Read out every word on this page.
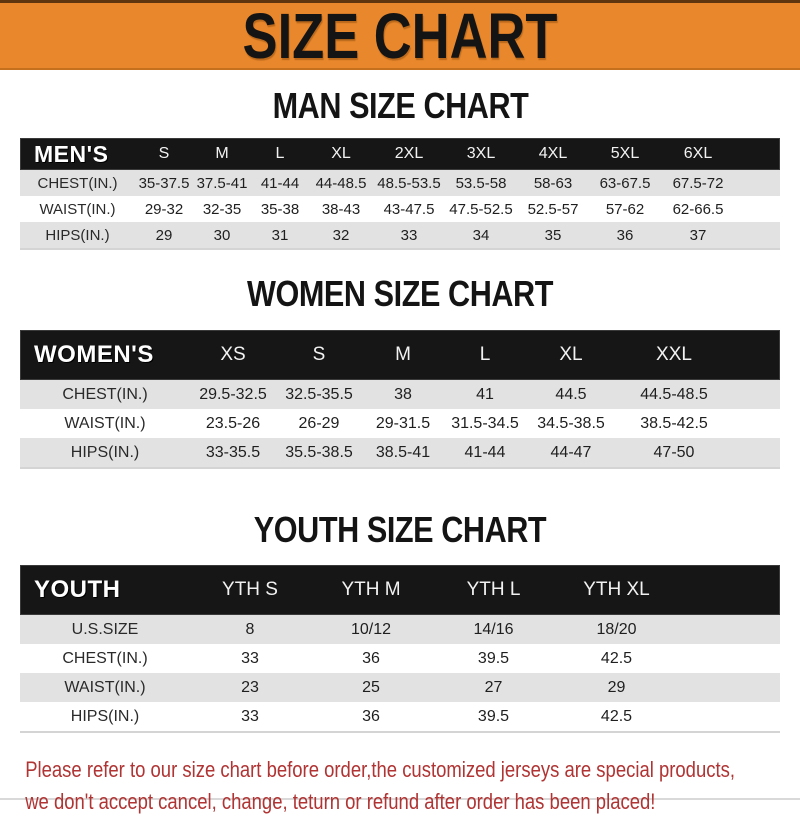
SIZE CHART
MAN SIZE CHART
MEN'S	S	M	L	XL	2XL	3XL	4XL	5XL	6XL
CHEST(IN.)	35-37.5 37.5-41 41-44	44-48.5 48.5-53.5 53.5-58	58-63	63-67.5	67.5-72
WAIST(IN.)	29-32	32-35	35-38	38-43	43-47.5 47.5-52.5 52.5-57	57-62	62-66.5
HIPS(IN.)	29	30	31	32	33	34	35	36	37
WOMEN SIZE CHART
WOMEN'S	XS	S	M	L	XL	XXL
CHEST(IN.)	29.5-32.5	32.5-35.5	38	41	44.5	44.5-48.5
WAIST(IN.)	23.5-26	26-29	29-31.5	31.5-34.5	34.5-38.5	38.5-42.5
HIPS(IN.)	33-35.5	35.5-38.5	38.5-41	41-44	44-47	47-50
YOUTH SIZE CHART
YOUTH	YTH S	YTH M	YTH L	YTH XL
U.S.SIZE	8	10/12	14/16	18/20
CHEST(IN.)	33	36	39.5	42.5
WAIST(IN.)	23	25	27	29
HIPS(IN.)	33	36	39.5	42.5
Please refer to our size chart before order,the customized jerseys are special products,
we don't accept cancel, change, teturn or refund after order has been placed!
